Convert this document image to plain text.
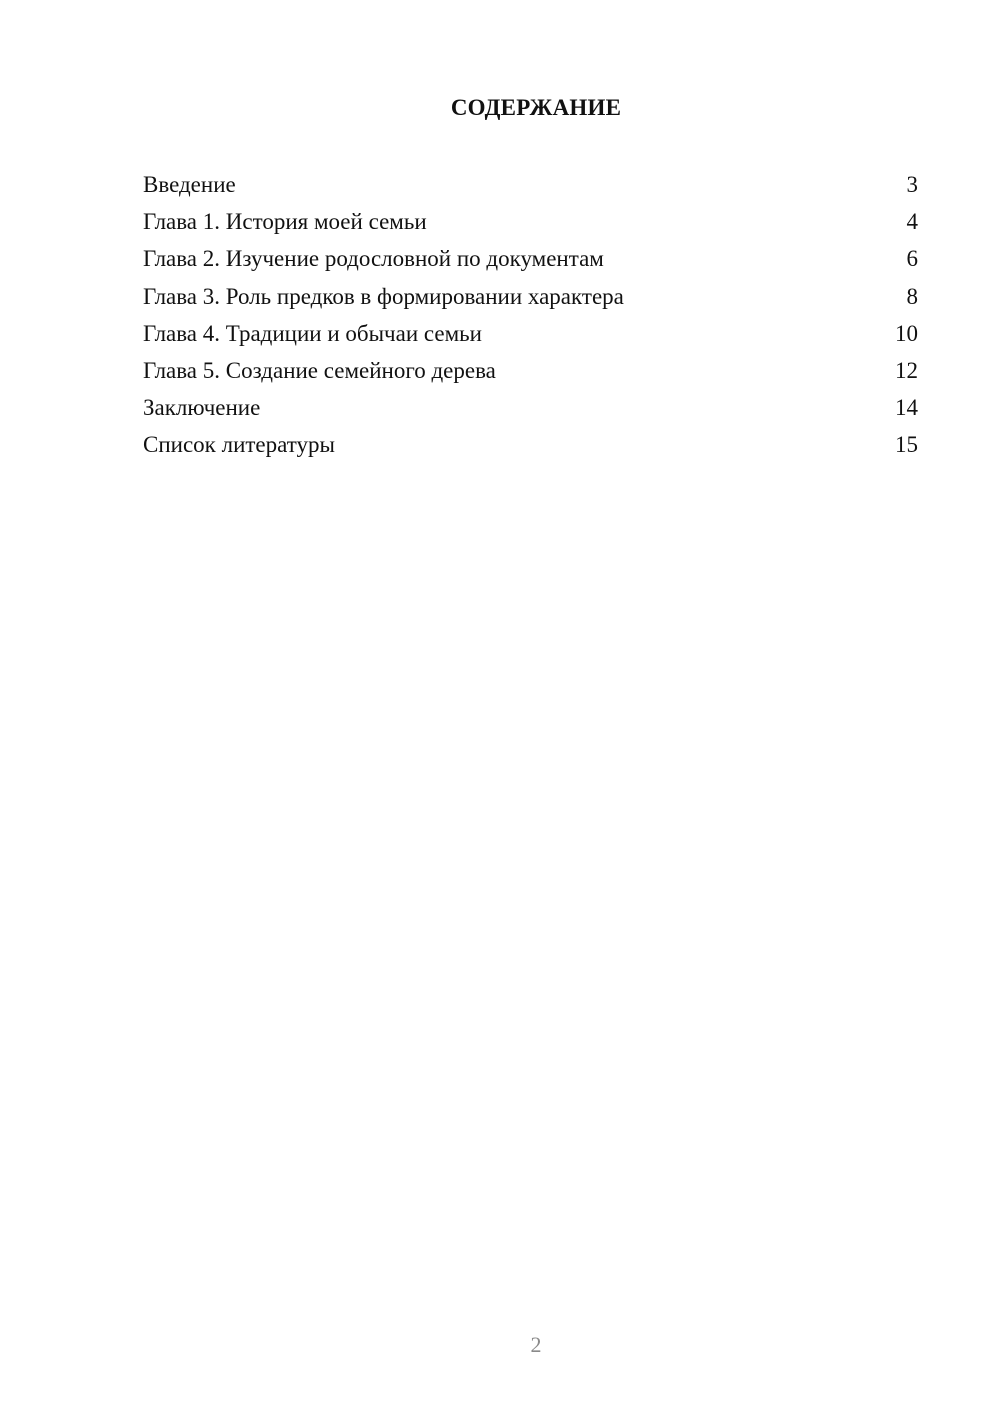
СОДЕРЖАНИЕ
Введение	3
Глава 1. История моей семьи	4
Глава 2. Изучение родословной по документам	6
Глава 3. Роль предков в формировании характера	8
Глава 4. Традиции и обычаи семьи	10
Глава 5. Создание семейного дерева	12
Заключение	14
Список литературы	15
2
